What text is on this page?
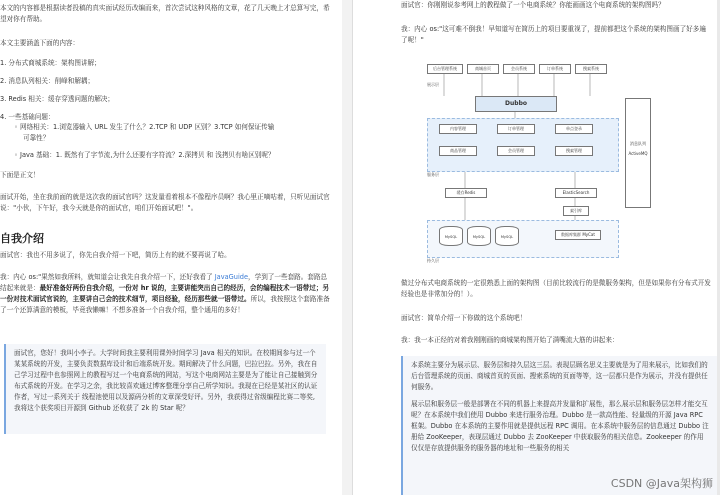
本文的内容都是根据读者投稿的真实面试经历改编而来，首次尝试这种风格的文章，花了几天晚上才总算写完，希望对你有帮助。

本文主要涵盖下面的内容：

1. 分布式商城系统：架构图讲解；
2. 消息队列相关：削峰和解耦；
3. Redis 相关：缓存穿透问题的解决；
4. 一些基础问题：

◦ 网络相关：1.浏览器输入 URL 发生了什么？2.TCP 和 UDP 区别？3.TCP 如何保证传输

可靠性？

◦ Java 基础：1. 既然有了字节流,为什么还要有字符流？2.深拷贝 和 浅拷贝有啥区别呢？

下面是正文！

面试开始，坐在我前面的就是这次我的面试官吗？这发量看着根本不像程序员啊？我心里正嘀咕着，只听见面试官说："小伙，下午好，我今天就是你的面试官，咱们开始面试吧！"。

自我介绍

面试官：我也不用多说了，你先自我介绍一下吧，简历上有的就不要再说了哈。

我：内心 os:"果然如我所料，就知道会让我先自我介绍一下，还好我看了 JavaGuide，学到了一些套路。套路总结起来就是：最好准备好两份自我介绍，一份对 hr 说的，主要讲能突出自己的经历，会的编程技术一语带过；另一份对技术面试官说的，主要讲自己会的技术细节，项目经验，经历那些就一语带过。所以，我按照这个套路准备了一个还算满意的模板，毕竟我懒嘛！不想多准备一个自我介绍，整个通用的多好！

面试官，您好！我叫小李子。大学时间我主要利用课外时间学习 Java 相关的知识。在校期间参与过一个某某系统的开发，主要负责数据库设计和后端系统开发。期间解决了什么问题，巴拉巴拉。另外，我在自己学习过程中也参照网上的教程写过一个电商系统的网站，写这个电商网站主要是为了能让自己接触到分布式系统的开发。在学习之余，我比较喜欢通过博客整理分享自己所学知识。我现在已经是某社区的认证作者，写过一系列关于 线程池使用以及源码分析的文章深受好评。另外，我获得过省级编程比赛二等奖,我将这个获奖项目开源到 Github 还收获了 2k 的 Star 呢？

面试官：你刚刚说参考网上的教程做了一个电商系统？你能画画这个电商系统的架构图吗？

我：内心 os:"这可难不倒我！早知道写在简历上的项目要重视了，提前都把这个系统的架构图画了好多遍了呢！"

后台管理系统	商城首页	会员系统	订单系统	搜索系统
展示层
Dubbo
内容管理	订单管理	单点登录
商品管理	会员管理	搜索管理
消息队列 ActiveMQ
服务层
缓存Redis	ElasticSearch
索引库
MySQL	MySQL	MySQL	数据库集群 MyCat
持久层

做过分布式电商系统的一定很熟悉上面的架构图（目前比较流行的是微服务架构，但是如果你有分布式开发经验也是非常加分的！）。

面试官：简单介绍一下你做的这个系统吧！

我：我一本正经的对着我刚刚画的商城架构图开始了满嘴流大筋的讲起来：

本系统主要分为展示层、服务层和持久层这三层。表现层顾名思义主要就是为了用来展示，比如我们的后台管理系统的页面、商城首页的页面、搜索系统的页面等等，这一层都只是作为展示，并没有提供任何服务。

展示层和服务层一般是部署在不同的机器上来提高并发量和扩展性，那么展示层和服务层怎样才能交互呢？在本系统中我们使用 Dubbo 来进行服务治理。Dubbo 是一款高性能、轻量级的开源 Java RPC 框架。Dubbo 在本系统的主要作用就是提供远程 RPC 调用。在本系统中服务层的信息通过 Dubbo 注册给 ZooKeeper，表现层通过 Dubbo 去 ZooKeeper 中获取服务的相关信息。Zookeeper 的作用仅仅是存放提供服务的服务器的地址和一些服务的相关

CSDN @Java架构狮
